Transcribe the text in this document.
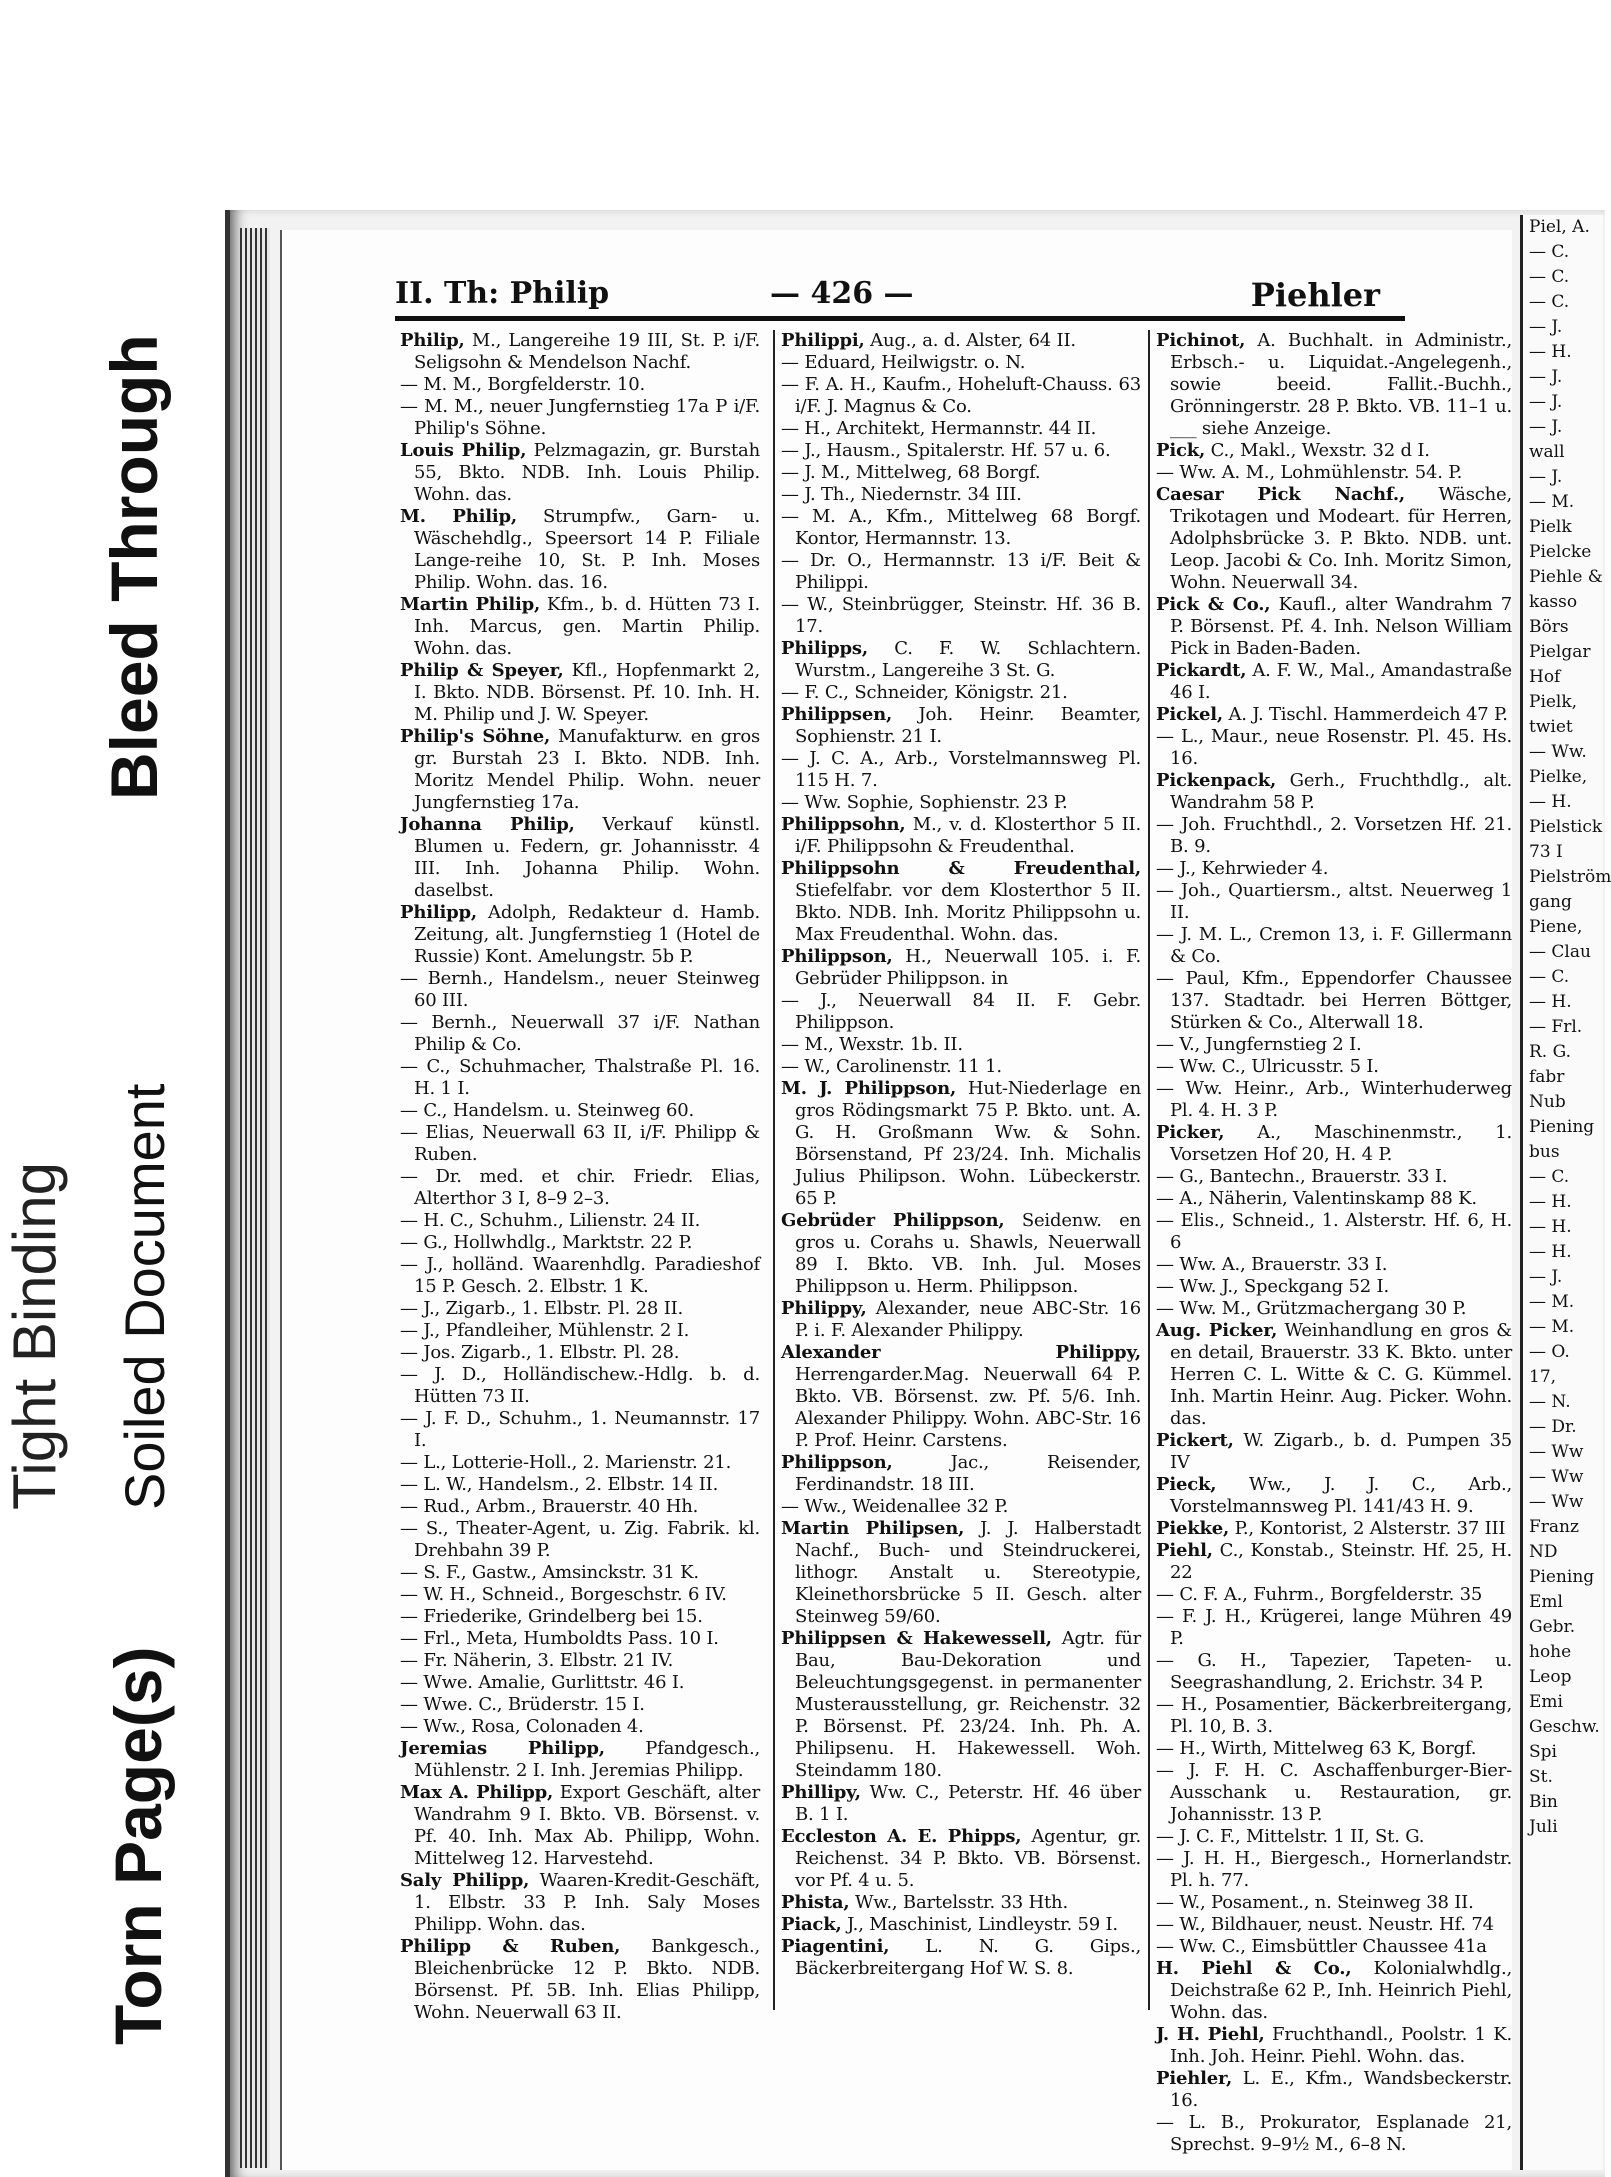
Torn Page(s)
Soiled Document
Bleed Through
Tight Binding
Piel, A.
— C.
— C.
— C.
— J.
— H.
— J.
— J.
— J.
wall
— J.
— M.
Pielk
Pielcke
Piehle &
kasso
Börs
Pielgar
Hof
Pielk,
twiet
— Ww.
Pielke,
— H.
Pielstick
73 I
Pielström
gang
Piene,
— Clau
— C.
— H.
— Frl.
R. G.
fabr
Nub
Piening
bus
— C.
— H.
— H.
— H.
— J.
— M.
— M.
— O.
17,
— N.
— Dr.
— Ww
— Ww
— Ww
Franz
ND
Piening
Eml
Gebr.
hohe
Leop
Emi
Geschw.
Spi
St.
Bin
Juli
II. Th: Philip	— 426 —	Piehler
Philip, M., Langereihe 19 III, St. P. i/F. Seligsohn & Mendelson Nachf.
— M. M., Borgfelderstr. 10.
— M. M., neuer Jungfernstieg 17a P i/F. Philip's Söhne.
Louis Philip, Pelzmagazin, gr. Burstah 55, Bkto. NDB. Inh. Louis Philip. Wohn. das.
M. Philip, Strumpfw., Garn- u. Wäschehdlg., Speersort 14 P. Filiale Lange-reihe 10, St. P. Inh. Moses Philip. Wohn. das. 16.
Martin Philip, Kfm., b. d. Hütten 73 I. Inh. Marcus, gen. Martin Philip. Wohn. das.
Philip & Speyer, Kfl., Hopfenmarkt 2, I. Bkto. NDB. Börsenst. Pf. 10. Inh. H. M. Philip und J. W. Speyer.
Philip's Söhne, Manufakturw. en gros gr. Burstah 23 I. Bkto. NDB. Inh. Moritz Mendel Philip. Wohn. neuer Jungfernstieg 17a.
Johanna Philip, Verkauf künstl. Blumen u. Federn, gr. Johannisstr. 4 III. Inh. Johanna Philip. Wohn. daselbst.
Philipp, Adolph, Redakteur d. Hamb. Zeitung, alt. Jungfernstieg 1 (Hotel de Russie) Kont. Amelungstr. 5b P.
— Bernh., Handelsm., neuer Steinweg 60 III.
— Bernh., Neuerwall 37 i/F. Nathan Philip & Co.
— C., Schuhmacher, Thalstraße Pl. 16. H. 1 I.
— C., Handelsm. u. Steinweg 60.
— Elias, Neuerwall 63 II, i/F. Philipp & Ruben.
— Dr. med. et chir. Friedr. Elias, Alterthor 3 I, 8–9 2–3.
— H. C., Schuhm., Lilienstr. 24 II.
— G., Hollwhdlg., Marktstr. 22 P.
— J., holländ. Waarenhdlg. Paradieshof 15 P. Gesch. 2. Elbstr. 1 K.
— J., Zigarb., 1. Elbstr. Pl. 28 II.
— J., Pfandleiher, Mühlenstr. 2 I.
— Jos. Zigarb., 1. Elbstr. Pl. 28.
— J. D., Holländischew.-Hdlg. b. d. Hütten 73 II.
— J. F. D., Schuhm., 1. Neumannstr. 17 I.
— L., Lotterie-Holl., 2. Marienstr. 21.
— L. W., Handelsm., 2. Elbstr. 14 II.
— Rud., Arbm., Brauerstr. 40 Hh.
— S., Theater-Agent, u. Zig. Fabrik. kl. Drehbahn 39 P.
— S. F., Gastw., Amsinckstr. 31 K.
— W. H., Schneid., Borgeschstr. 6 IV.
— Friederike, Grindelberg bei 15.
— Frl., Meta, Humboldts Pass. 10 I.
— Fr. Näherin, 3. Elbstr. 21 IV.
— Wwe. Amalie, Gurlittstr. 46 I.
— Wwe. C., Brüderstr. 15 I.
— Ww., Rosa, Colonaden 4.
Jeremias Philipp, Pfandgesch., Mühlenstr. 2 I. Inh. Jeremias Philipp.
Max A. Philipp, Export Geschäft, alter Wandrahm 9 I. Bkto. VB. Börsenst. v. Pf. 40. Inh. Max Ab. Philipp, Wohn. Mittelweg 12. Harvestehd.
Saly Philipp, Waaren-Kredit-Geschäft, 1. Elbstr. 33 P. Inh. Saly Moses Philipp. Wohn. das.
Philipp & Ruben, Bankgesch., Bleichenbrücke 12 P. Bkto. NDB. Börsenst. Pf. 5B. Inh. Elias Philipp, Wohn. Neuerwall 63 II.
Philippi, Aug., a. d. Alster, 64 II.
— Eduard, Heilwigstr. o. N.
— F. A. H., Kaufm., Hoheluft-Chauss. 63 i/F. J. Magnus & Co.
— H., Architekt, Hermannstr. 44 II.
— J., Hausm., Spitalerstr. Hf. 57 u. 6.
— J. M., Mittelweg, 68 Borgf.
— J. Th., Niedernstr. 34 III.
— M. A., Kfm., Mittelweg 68 Borgf. Kontor, Hermannstr. 13.
— Dr. O., Hermannstr. 13 i/F. Beit & Philippi.
— W., Steinbrügger, Steinstr. Hf. 36 B. 17.
Philipps, C. F. W. Schlachtern. Wurstm., Langereihe 3 St. G.
— F. C., Schneider, Königstr. 21.
Philippsen, Joh. Heinr. Beamter, Sophienstr. 21 I.
— J. C. A., Arb., Vorstelmannsweg Pl. 115 H. 7.
— Ww. Sophie, Sophienstr. 23 P.
Philippsohn, M., v. d. Klosterthor 5 II. i/F. Philippsohn & Freudenthal.
Philippsohn & Freudenthal, Stiefelfabr. vor dem Klosterthor 5 II. Bkto. NDB. Inh. Moritz Philippsohn u. Max Freudenthal. Wohn. das.
Philippson, H., Neuerwall 105. i. F. Gebrüder Philippson. in
— J., Neuerwall 84 II. F. Gebr. Philippson.
— M., Wexstr. 1b. II.
— W., Carolinenstr. 11 1.
M. J. Philippson, Hut-Niederlage en gros Rödingsmarkt 75 P. Bkto. unt. A. G. H. Großmann Ww. & Sohn. Börsenstand, Pf 23/24. Inh. Michalis Julius Philipson. Wohn. Lübeckerstr. 65 P.
Gebrüder Philippson, Seidenw. en gros u. Corahs u. Shawls, Neuerwall 89 I. Bkto. VB. Inh. Jul. Moses Philippson u. Herm. Philippson.
Philippy, Alexander, neue ABC-Str. 16 P. i. F. Alexander Philippy.
Alexander Philippy, Herrengarder.Mag. Neuerwall 64 P. Bkto. VB. Börsenst. zw. Pf. 5/6. Inh. Alexander Philippy. Wohn. ABC-Str. 16 P. Prof. Heinr. Carstens.
Philippson, Jac., Reisender, Ferdinandstr. 18 III.
— Ww., Weidenallee 32 P.
Martin Philipsen, J. J. Halberstadt Nachf., Buch- und Steindruckerei, lithogr. Anstalt u. Stereotypie, Kleinethorsbrücke 5 II. Gesch. alter Steinweg 59/60.
Philippsen & Hakewessell, Agtr. für Bau, Bau-Dekoration und Beleuchtungsgegenst. in permanenter Musterausstellung, gr. Reichenstr. 32 P. Börsenst. Pf. 23/24. Inh. Ph. A. Philipsenu. H. Hakewessell. Woh. Steindamm 180.
Phillipy, Ww. C., Peterstr. Hf. 46 über B. 1 I.
Eccleston A. E. Phipps, Agentur, gr. Reichenst. 34 P. Bkto. VB. Börsenst. vor Pf. 4 u. 5.
Phista, Ww., Bartelsstr. 33 Hth.
Piack, J., Maschinist, Lindleystr. 59 I.
Piagentini, L. N. G. Gips., Bäckerbreitergang Hof W. S. 8.
Pichinot, A. Buchhalt. in Administr., Erbsch.- u. Liquidat.-Angelegenh., sowie beeid. Fallit.-Buchh., Grönningerstr. 28 P. Bkto. VB. 11–1 u. ___ siehe Anzeige.
Pick, C., Makl., Wexstr. 32 d I.
— Ww. A. M., Lohmühlenstr. 54. P.
Caesar Pick Nachf., Wäsche, Trikotagen und Modeart. für Herren, Adolphsbrücke 3. P. Bkto. NDB. unt. Leop. Jacobi & Co. Inh. Moritz Simon, Wohn. Neuerwall 34.
Pick & Co., Kaufl., alter Wandrahm 7 P. Börsenst. Pf. 4. Inh. Nelson William Pick in Baden-Baden.
Pickardt, A. F. W., Mal., Amandastraße 46 I.
Pickel, A. J. Tischl. Hammerdeich 47 P.
— L., Maur., neue Rosenstr. Pl. 45. Hs. 16.
Pickenpack, Gerh., Fruchthdlg., alt. Wandrahm 58 P.
— Joh. Fruchthdl., 2. Vorsetzen Hf. 21. B. 9.
— J., Kehrwieder 4.
— Joh., Quartiersm., altst. Neuerweg 1 II.
— J. M. L., Cremon 13, i. F. Gillermann & Co.
— Paul, Kfm., Eppendorfer Chaussee 137. Stadtadr. bei Herren Böttger, Stürken & Co., Alterwall 18.
— V., Jungfernstieg 2 I.
— Ww. C., Ulricusstr. 5 I.
— Ww. Heinr., Arb., Winterhuderweg Pl. 4. H. 3 P.
Picker, A., Maschinenmstr., 1. Vorsetzen Hof 20, H. 4 P.
— G., Bantechn., Brauerstr. 33 I.
— A., Näherin, Valentinskamp 88 K.
— Elis., Schneid., 1. Alsterstr. Hf. 6, H. 6
— Ww. A., Brauerstr. 33 I.
— Ww. J., Speckgang 52 I.
— Ww. M., Grützmachergang 30 P.
Aug. Picker, Weinhandlung en gros & en detail, Brauerstr. 33 K. Bkto. unter Herren C. L. Witte & C. G. Kümmel. Inh. Martin Heinr. Aug. Picker. Wohn. das.
Pickert, W. Zigarb., b. d. Pumpen 35 IV
Pieck, Ww., J. J. C., Arb., Vorstelmannsweg Pl. 141/43 H. 9.
Piekke, P., Kontorist, 2 Alsterstr. 37 III
Piehl, C., Konstab., Steinstr. Hf. 25, H. 22
— C. F. A., Fuhrm., Borgfelderstr. 35
— F. J. H., Krügerei, lange Mühren 49 P.
— G. H., Tapezier, Tapeten- u. Seegrashandlung, 2. Erichstr. 34 P.
— H., Posamentier, Bäckerbreitergang, Pl. 10, B. 3.
— H., Wirth, Mittelweg 63 K, Borgf.
— J. F. H. C. Aschaffenburger-Bier-Ausschank u. Restauration, gr. Johannisstr. 13 P.
— J. C. F., Mittelstr. 1 II, St. G.
— J. H. H., Biergesch., Hornerlandstr. Pl. h. 77.
— W., Posament., n. Steinweg 38 II.
— W., Bildhauer, neust. Neustr. Hf. 74
— Ww. C., Eimsbüttler Chaussee 41a
H. Piehl & Co., Kolonialwhdlg., Deichstraße 62 P., Inh. Heinrich Piehl, Wohn. das.
J. H. Piehl, Fruchthandl., Poolstr. 1 K. Inh. Joh. Heinr. Piehl. Wohn. das.
Piehler, L. E., Kfm., Wandsbeckerstr. 16.
— L. B., Prokurator, Esplanade 21, Sprechst. 9–9½ M., 6–8 N.
